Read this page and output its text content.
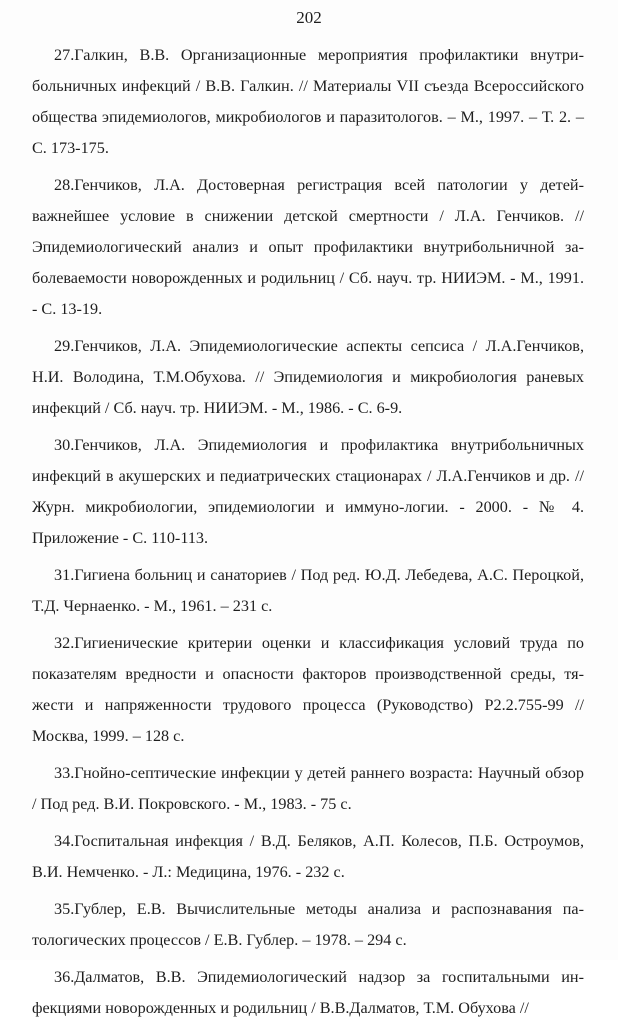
202

27.Галкин, В.В. Организационные мероприятия профилактики внутрибольничных инфекций / В.В. Галкин. // Материалы VII съезда Всероссийского общества эпидемиологов, микробиологов и паразитологов. – М., 1997. – Т. 2. – С. 173-175.

28.Генчиков, Л.А. Достоверная регистрация всей патологии у детей-важнейшее условие в снижении детской смертности / Л.А. Генчиков. // Эпидемиологический анализ и опыт профилактики внутрибольничной заболеваемости новорожденных и родильниц / Сб. науч. тр. НИИЭМ. - М., 1991. - С. 13-19.

29.Генчиков, Л.А. Эпидемиологические аспекты сепсиса / Л.А.Генчиков, Н.И. Володина, Т.М.Обухова. // Эпидемиология и микробиология раневых инфекций / Сб. науч. тр. НИИЭМ. - М., 1986. - С. 6-9.

30.Генчиков, Л.А. Эпидемиология и профилактика внутрибольничных инфекций в акушерских и педиатрических стационарах / Л.А.Генчиков и др. // Журн. микробиологии, эпидемиологии и иммуно-логии. - 2000. - № 4. Приложение - С. 110-113.

31.Гигиена больниц и санаториев / Под ред. Ю.Д. Лебедева, А.С. Пероцкой, Т.Д. Чернаенко. - М., 1961. – 231 с.

32.Гигиенические критерии оценки и классификация условий труда по показателям вредности и опасности факторов производственной среды, тяжести и напряженности трудового процесса (Руководство) Р2.2.755-99 // Москва, 1999. – 128 с.

33.Гнойно-септические инфекции у детей раннего возраста: Научный обзор / Под ред. В.И. Покровского. - М., 1983. - 75 с.

34.Госпитальная инфекция / В.Д. Беляков, А.П. Колесов, П.Б. Остроумов, В.И. Немченко. - Л.: Медицина, 1976. - 232 с.

35.Гублер, Е.В. Вычислительные методы анализа и распознавания патологических процессов / Е.В. Гублер. – 1978. – 294 с.

36.Далматов, В.В. Эпидемиологический надзор за госпитальными инфекциями новорожденных и родильниц / В.В.Далматов, Т.М. Обухова //
